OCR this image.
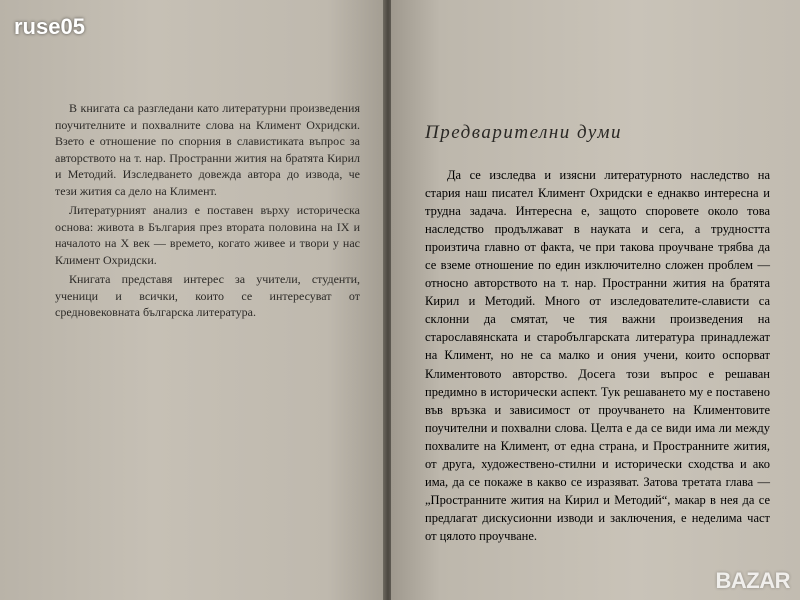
В книгата са разгледани като литературни произведения поучителните и похвалните слова на Климент Охридски. Взето е отношение по спорния в славистиката въпрос за авторството на т. нар. Пространни жития на братята Кирил и Методий. Изследването довежда автора до извода, че тези жития са дело на Климент.

Литературният анализ е поставен върху историческа основа: живота в България през втората половина на IX и началото на X век — времето, когато живее и твори у нас Климент Охридски.

Книгата представя интерес за учители, студенти, ученици и всички, които се интересуват от средновековната българска литература.

Предварителни думи

Да се изследва и изясни литературното наследство на стария наш писател Климент Охридски е еднакво интересна и трудна задача. Интересна е, защото споровете около това наследство продължават в науката и сега, а трудността произтича главно от факта, че при такова проучване трябва да се вземе отношение по един изключително сложен проблем — относно авторството на т. нар. Пространни жития на братята Кирил и Методий. Много от изследователите-слависти са склонни да смятат, че тия важни произведения на старославянската и старобългарската литература принадлежат на Климент, но не са малко и ония учени, които оспорват Климентовото авторство. Досега този въпрос е решаван предимно в исторически аспект. Тук решаването му е поставено във връзка и зависимост от проучването на Климентовите поучителни и похвални слова. Целта е да се види има ли между похвалите на Климент, от една страна, и Пространните жития, от друга, художествено-стилни и исторически сходства и ако има, да се покаже в какво се изразяват. Затова третата глава — „Пространните жития на Кирил и Методий“, макар в нея да се предлагат дискусионни изводи и заключения, е неделима част от цялото проучване.

ruse05
BAZAR
